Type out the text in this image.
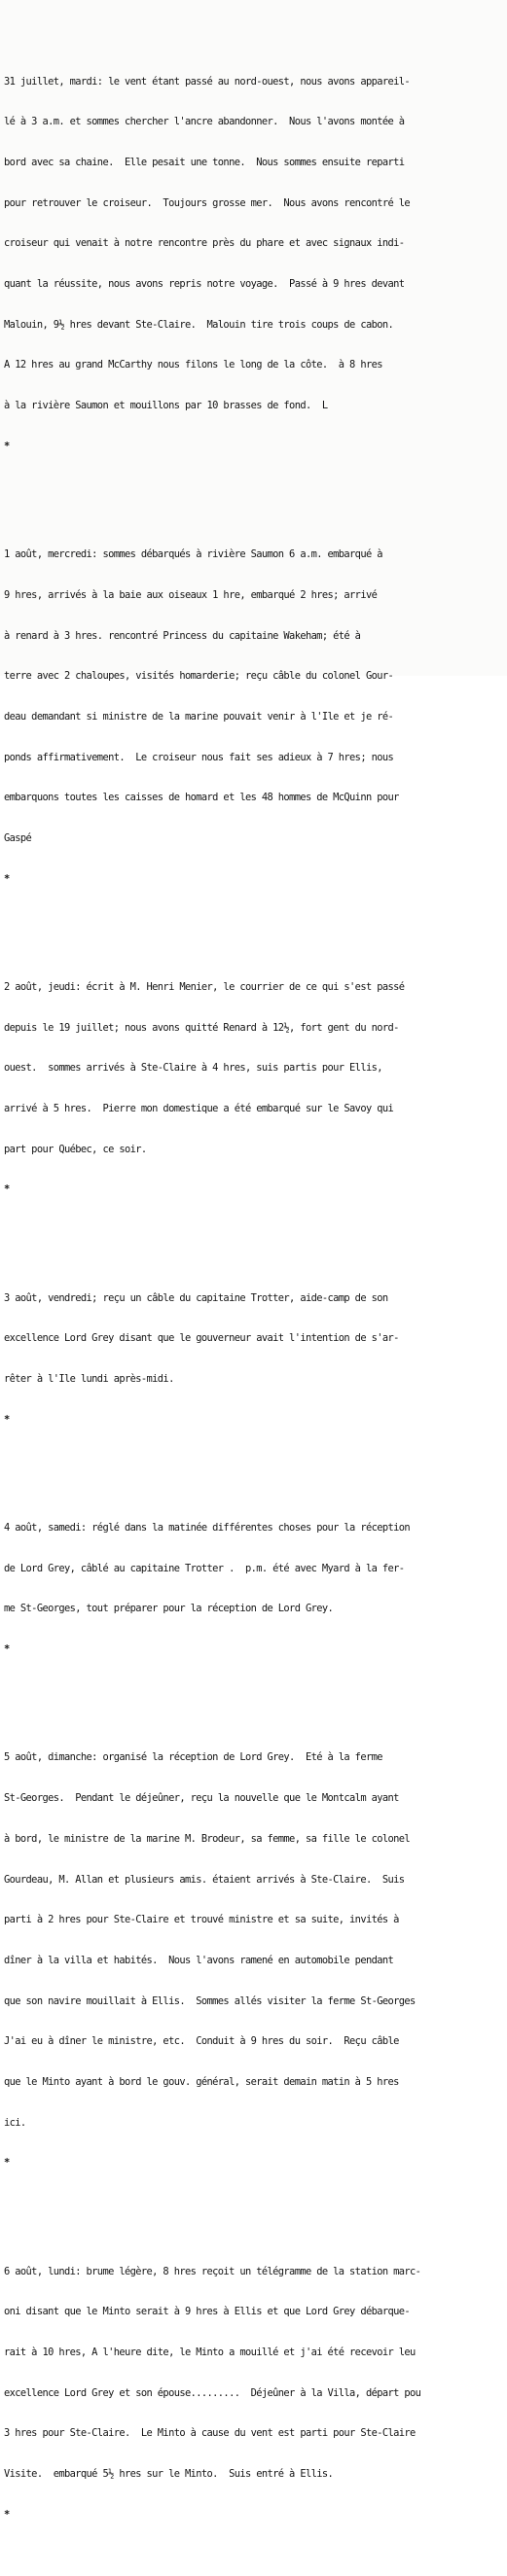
31 juillet, mardi: le vent étant passé au nord-ouest, nous avons appareil-

lé à 3 a.m. et sommes chercher l'ancre abandonner.  Nous l'avons montée à

bord avec sa chaine.  Elle pesait une tonne.  Nous sommes ensuite reparti

pour retrouver le croiseur.  Toujours grosse mer.  Nous avons rencontré le

croiseur qui venait à notre rencontre près du phare et avec signaux indi-

quant la réussite, nous avons repris notre voyage.  Passé à 9 hres devant

Malouin, 9½ hres devant Ste-Claire.  Malouin tire trois coups de cabon.

A 12 hres au grand McCarthy nous filons le long de la côte.  à 8 hres

à la rivière Saumon et mouillons par 10 brasses de fond.  L

*

1 août, mercredi: sommes débarqués à rivière Saumon 6 a.m. embarqué à

9 hres, arrivés à la baie aux oiseaux 1 hre, embarqué 2 hres; arrivé

à renard à 3 hres. rencontré Princess du capitaine Wakeham; été à

terre avec 2 chaloupes, visités homarderie; reçu câble du colonel Gour-

deau demandant si ministre de la marine pouvait venir à l'Ile et je ré-

ponds affirmativement.  Le croiseur nous fait ses adieux à 7 hres; nous

embarquons toutes les caisses de homard et les 48 hommes de McQuinn pour

Gaspé

*

2 août, jeudi: écrit à M. Henri Menier, le courrier de ce qui s'est passé

depuis le 19 juillet; nous avons quitté Renard à 12½, fort gent du nord-

ouest.  sommes arrivés à Ste-Claire à 4 hres, suis partis pour Ellis,

arrivé à 5 hres.  Pierre mon domestique a été embarqué sur le Savoy qui

part pour Québec, ce soir.

*

3 août, vendredi; reçu un câble du capitaine Trotter, aide-camp de son

excellence Lord Grey disant que le gouverneur avait l'intention de s'ar-

rêter à l'Ile lundi après-midi.

*

4 août, samedi: réglé dans la matinée différentes choses pour la réception

de Lord Grey, câblé au capitaine Trotter .  p.m. été avec Myard à la fer-

me St-Georges, tout préparer pour la réception de Lord Grey.

*

5 août, dimanche: organisé la réception de Lord Grey.  Eté à la ferme

St-Georges.  Pendant le déjeûner, reçu la nouvelle que le Montcalm ayant

à bord, le ministre de la marine M. Brodeur, sa femme, sa fille le colonel

Gourdeau, M. Allan et plusieurs amis. étaient arrivés à Ste-Claire.  Suis

parti à 2 hres pour Ste-Claire et trouvé ministre et sa suite, invités à

dîner à la villa et habités.  Nous l'avons ramené en automobile pendant

que son navire mouillait à Ellis.  Sommes allés visiter la ferme St-Georges

J'ai eu à dîner le ministre, etc.  Conduit à 9 hres du soir.  Reçu câble

que le Minto ayant à bord le gouv. général, serait demain matin à 5 hres

ici.

*

6 août, lundi: brume légère, 8 hres reçoit un télégramme de la station marc-

oni disant que le Minto serait à 9 hres à Ellis et que Lord Grey débarque-

rait à 10 hres, A l'heure dite, le Minto a mouillé et j'ai été recevoir leu

excellence Lord Grey et son épouse.........  Déjeûner à la Villa, départ pou

3 hres pour Ste-Claire.  Le Minto à cause du vent est parti pour Ste-Claire

Visite.  embarqué 5½ hres sur le Minto.  Suis entré à Ellis.

*
